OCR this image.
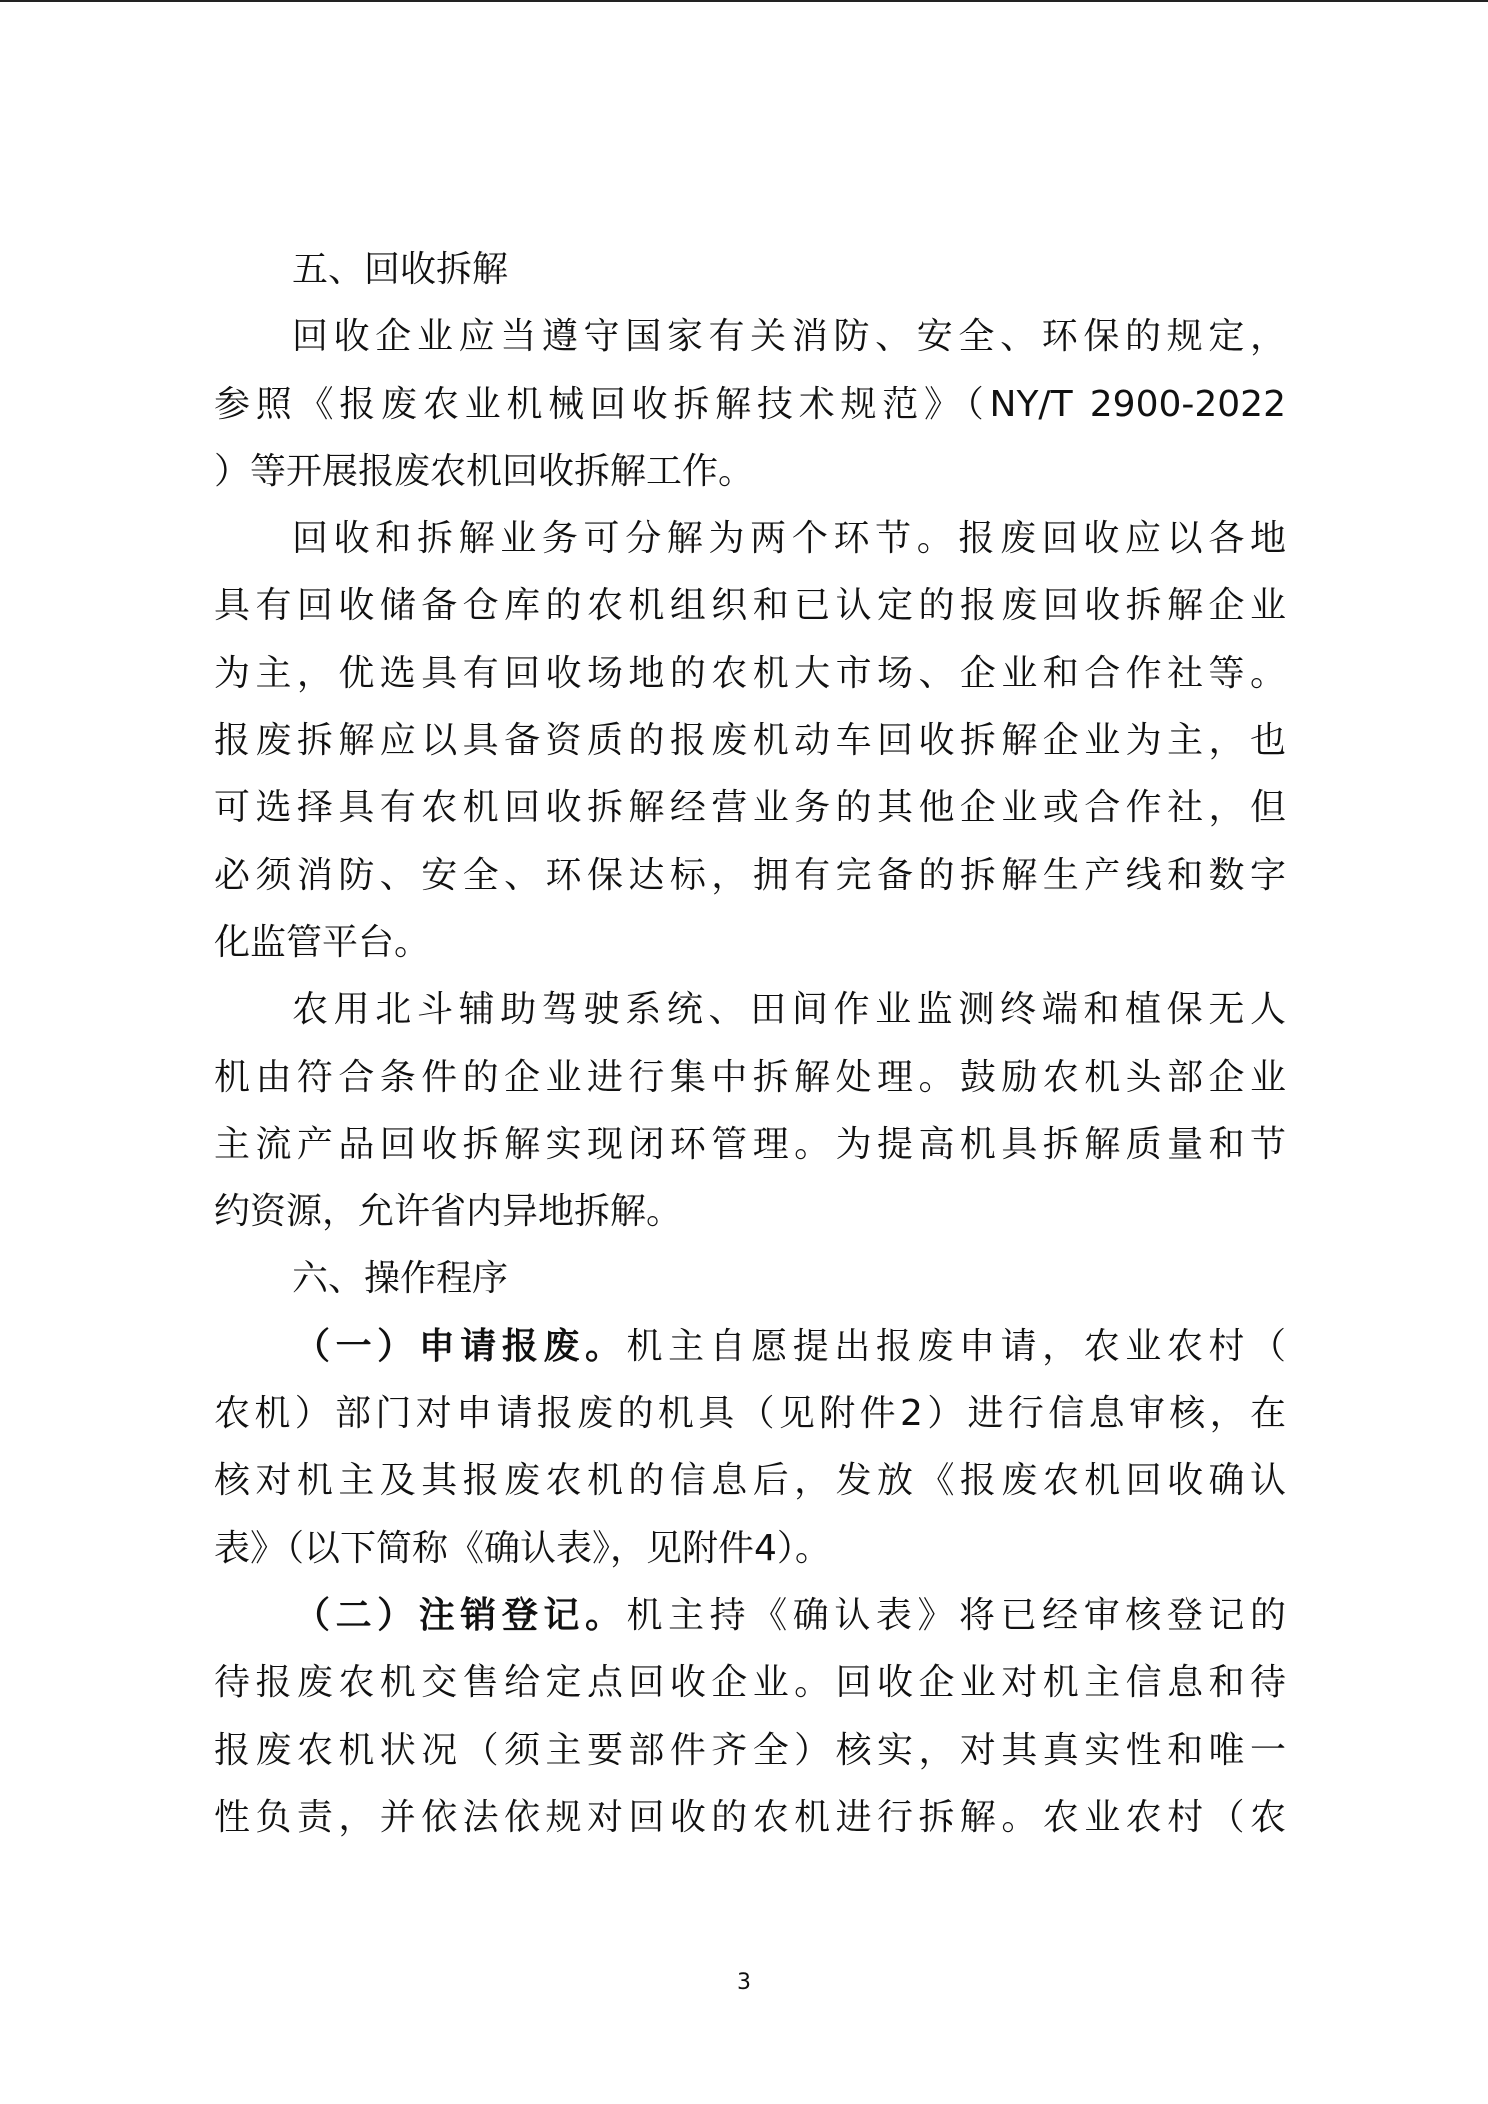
五、回收拆解
回收企业应当遵守国家有关消防、安全、环保的规定，
参照《报废农业机械回收拆解技术规范》（NY/T 2900-2022
）等开展报废农机回收拆解工作。
回收和拆解业务可分解为两个环节。报废回收应以各地
具有回收储备仓库的农机组织和已认定的报废回收拆解企业
为主，优选具有回收场地的农机大市场、企业和合作社等。
报废拆解应以具备资质的报废机动车回收拆解企业为主，也
可选择具有农机回收拆解经营业务的其他企业或合作社，但
必须消防、安全、环保达标，拥有完备的拆解生产线和数字
化监管平台。
农用北斗辅助驾驶系统、田间作业监测终端和植保无人
机由符合条件的企业进行集中拆解处理。鼓励农机头部企业
主流产品回收拆解实现闭环管理。为提高机具拆解质量和节
约资源，允许省内异地拆解。
六、操作程序
（一）申请报废。机主自愿提出报废申请，农业农村（
农机）部门对申请报废的机具（见附件2）进行信息审核，在
核对机主及其报废农机的信息后，发放《报废农机回收确认
表》（以下简称《确认表》，见附件4）。
（二）注销登记。机主持《确认表》将已经审核登记的
待报废农机交售给定点回收企业。回收企业对机主信息和待
报废农机状况（须主要部件齐全）核实，对其真实性和唯一
性负责，并依法依规对回收的农机进行拆解。农业农村（农
3
